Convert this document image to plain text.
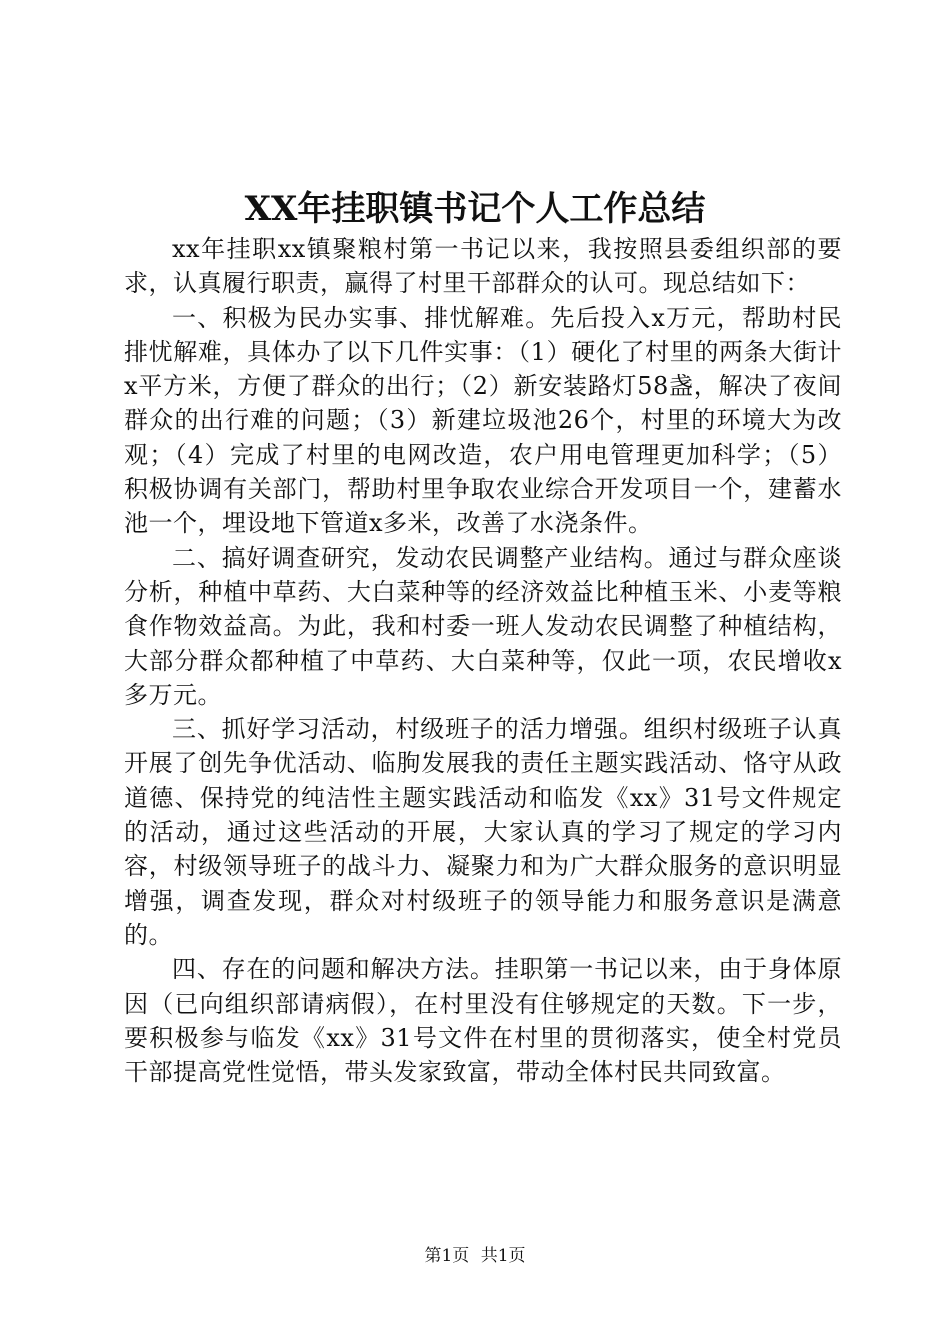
XX年挂职镇书记个人工作总结

xx年挂职xx镇聚粮村第一书记以来，我按照县委组织部的要求，认真履行职责，赢得了村里干部群众的认可。现总结如下：

一、积极为民办实事、排忧解难。先后投入x万元，帮助村民排忧解难，具体办了以下几件实事：（1）硬化了村里的两条大街计x平方米，方便了群众的出行；（2）新安装路灯58盏，解决了夜间群众的出行难的问题；（3）新建垃圾池26个，村里的环境大为改观；（4）完成了村里的电网改造，农户用电管理更加科学；（5）积极协调有关部门，帮助村里争取农业综合开发项目一个，建蓄水池一个，埋设地下管道x多米，改善了水浇条件。

二、搞好调查研究，发动农民调整产业结构。通过与群众座谈分析，种植中草药、大白菜种等的经济效益比种植玉米、小麦等粮食作物效益高。为此，我和村委一班人发动农民调整了种植结构，大部分群众都种植了中草药、大白菜种等，仅此一项，农民增收x多万元。

三、抓好学习活动，村级班子的活力增强。组织村级班子认真开展了创先争优活动、临朐发展我的责任主题实践活动、恪守从政道德、保持党的纯洁性主题实践活动和临发《xx》31号文件规定的活动，通过这些活动的开展，大家认真的学习了规定的学习内容，村级领导班子的战斗力、凝聚力和为广大群众服务的意识明显增强，调查发现，群众对村级班子的领导能力和服务意识是满意的。

四、存在的问题和解决方法。挂职第一书记以来，由于身体原因（已向组织部请病假），在村里没有住够规定的天数。下一步，要积极参与临发《xx》31号文件在村里的贯彻落实，使全村党员干部提高党性觉悟，带头发家致富，带动全体村民共同致富。

第1页 共1页
